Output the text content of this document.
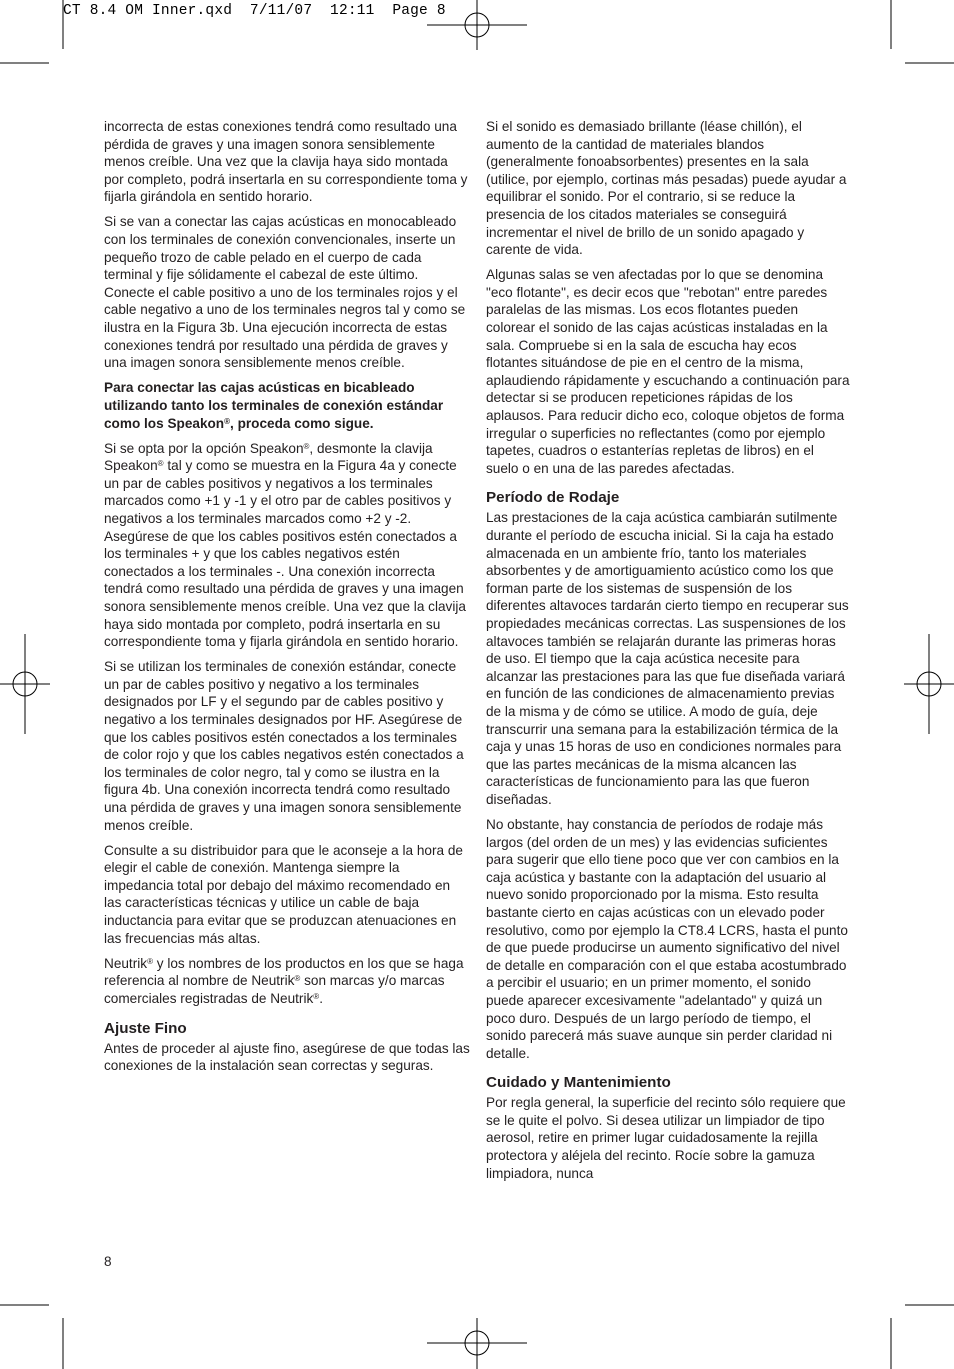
CT 8.4 OM Inner.qxd  7/11/07  12:11  Page 8

incorrecta de estas conexiones tendrá como resultado una pérdida de graves y una imagen sonora sensiblemente menos creíble. Una vez que la clavija haya sido montada por completo, podrá insertarla en su correspondiente toma y fijarla girándola en sentido horario.

Si se van a conectar las cajas acústicas en monocableado con los terminales de conexión convencionales, inserte un pequeño trozo de cable pelado en el cuerpo de cada terminal y fije sólidamente el cabezal de este último. Conecte el cable positivo a uno de los terminales rojos y el cable negativo a uno de los terminales negros tal y como se ilustra en la Figura 3b. Una ejecución incorrecta de estas conexiones tendrá por resultado una pérdida de graves y una imagen sonora sensiblemente menos creíble.

Para conectar las cajas acústicas en bicableado utilizando tanto los terminales de conexión estándar como los Speakon®, proceda como sigue.

Si se opta por la opción Speakon®, desmonte la clavija Speakon® tal y como se muestra en la Figura 4a y conecte un par de cables positivos y negativos a los terminales marcados como +1 y -1 y el otro par de cables positivos y negativos a los terminales marcados como +2 y -2. Asegúrese de que los cables positivos estén conectados a los terminales + y que los cables negativos estén conectados a los terminales -. Una conexión incorrecta tendrá como resultado una pérdida de graves y una imagen sonora sensiblemente menos creíble. Una vez que la clavija haya sido montada por completo, podrá insertarla en su correspondiente toma y fijarla girándola en sentido horario.

Si se utilizan los terminales de conexión estándar, conecte un par de cables positivo y negativo a los terminales designados por LF y el segundo par de cables positivo y negativo a los terminales designados por HF. Asegúrese de que los cables positivos estén conectados a los terminales de color rojo y que los cables negativos estén conectados a los terminales de color negro, tal y como se ilustra en la figura 4b. Una conexión incorrecta tendrá como resultado una pérdida de graves y una imagen sonora sensiblemente menos creíble.

Consulte a su distribuidor para que le aconseje a la hora de elegir el cable de conexión. Mantenga siempre la impedancia total por debajo del máximo recomendado en las características técnicas y utilice un cable de baja inductancia para evitar que se produzcan atenuaciones en las frecuencias más altas.

Neutrik® y los nombres de los productos en los que se haga referencia al nombre de Neutrik® son marcas y/o marcas comerciales registradas de Neutrik®.

Ajuste Fino

Antes de proceder al ajuste fino, asegúrese de que todas las conexiones de la instalación sean correctas y seguras.

Si el sonido es demasiado brillante (léase chillón), el aumento de la cantidad de materiales blandos (generalmente fonoabsorbentes) presentes en la sala (utilice, por ejemplo, cortinas más pesadas) puede ayudar a equilibrar el sonido. Por el contrario, si se reduce la presencia de los citados materiales se conseguirá incrementar el nivel de brillo de un sonido apagado y carente de vida.

Algunas salas se ven afectadas por lo que se denomina "eco flotante", es decir ecos que "rebotan" entre paredes paralelas de las mismas. Los ecos flotantes pueden colorear el sonido de las cajas acústicas instaladas en la sala. Compruebe si en la sala de escucha hay ecos flotantes situándose de pie en el centro de la misma, aplaudiendo rápidamente y escuchando a continuación para detectar si se producen repeticiones rápidas de los aplausos. Para reducir dicho eco, coloque objetos de forma irregular o superficies no reflectantes (como por ejemplo tapetes, cuadros o estanterías repletas de libros) en el suelo o en una de las paredes afectadas.

Período de Rodaje

Las prestaciones de la caja acústica cambiarán sutilmente durante el período de escucha inicial. Si la caja ha estado almacenada en un ambiente frío, tanto los materiales absorbentes y de amortiguamiento acústico como los que forman parte de los sistemas de suspensión de los diferentes altavoces tardarán cierto tiempo en recuperar sus propiedades mecánicas correctas. Las suspensiones de los altavoces también se relajarán durante las primeras horas de uso. El tiempo que la caja acústica necesite para alcanzar las prestaciones para las que fue diseñada variará en función de las condiciones de almacenamiento previas de la misma y de cómo se utilice. A modo de guía, deje transcurrir una semana para la estabilización térmica de la caja y unas 15 horas de uso en condiciones normales para que las partes mecánicas de la misma alcancen las características de funcionamiento para las que fueron diseñadas.

No obstante, hay constancia de períodos de rodaje más largos (del orden de un mes) y las evidencias suficientes para sugerir que ello tiene poco que ver con cambios en la caja acústica y bastante con la adaptación del usuario al nuevo sonido proporcionado por la misma. Esto resulta bastante cierto en cajas acústicas con un elevado poder resolutivo, como por ejemplo la CT8.4 LCRS, hasta el punto de que puede producirse un aumento significativo del nivel de detalle en comparación con el que estaba acostumbrado a percibir el usuario; en un primer momento, el sonido puede aparecer excesivamente "adelantado" y quizá un poco duro. Después de un largo período de tiempo, el sonido parecerá más suave aunque sin perder claridad ni detalle.

Cuidado y Mantenimiento

Por regla general, la superficie del recinto sólo requiere que se le quite el polvo. Si desea utilizar un limpiador de tipo aerosol, retire en primer lugar cuidadosamente la rejilla protectora y aléjela del recinto. Rocíe sobre la gamuza limpiadora, nunca

8
